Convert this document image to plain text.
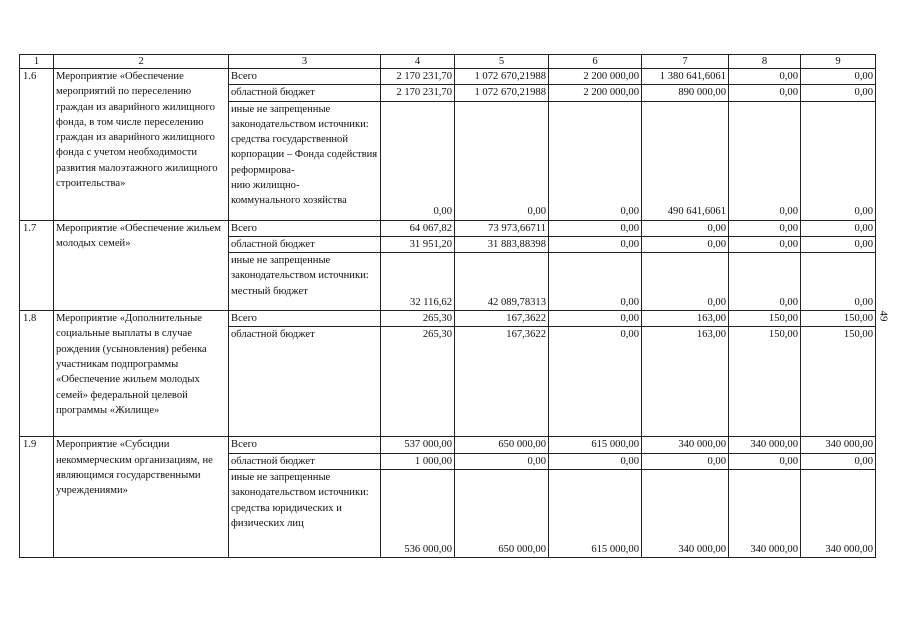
1	2	3	4	5	6	7	8	9
1.6	Мероприятие «Обеспечение мероприятий по переселению граждан из аварийного жилищного фонда, в том числе переселению граждан из аварийного жилищного фонда с учетом необходимости развития малоэтажного жилищного строительства»	Всего	2 170 231,70	1 072 670,21988	2 200 000,00	1 380 641,6061	0,00	0,00
		областной бюджет	2 170 231,70	1 072 670,21988	2 200 000,00	890 000,00	0,00	0,00
		иные не запрещенные законодательством источники:
средства государственной корпорации – Фонда содействия реформирова-
нию жилищно-
коммунального хозяйства	0,00	0,00	0,00	490 641,6061	0,00	0,00
1.7	Мероприятие «Обеспечение жильем молодых семей»	Всего	64 067,82	73 973,66711	0,00	0,00	0,00	0,00
		областной бюджет	31 951,20	31 883,88398	0,00	0,00	0,00	0,00
		иные не запрещенные законодательством источники:
местный бюджет	32 116,62	42 089,78313	0,00	0,00	0,00	0,00
1.8	Мероприятие «Дополнительные социальные выплаты в случае рождения (усыновления) ребенка участникам подпрограммы «Обеспечение жильем молодых семей» федеральной целевой программы «Жилище»	Всего	265,30	167,3622	0,00	163,00	150,00	150,00
		областной бюджет	265,30	167,3622	0,00	163,00	150,00	150,00
1.9	Мероприятие «Субсидии некоммерческим организациям, не являющимся государственными учреждениями»	Всего	537 000,00	650 000,00	615 000,00	340 000,00	340 000,00	340 000,00
		областной бюджет	1 000,00	0,00	0,00	0,00	0,00	0,00
		иные не запрещенные законодательством источники:
средства юридических и физических лиц	536 000,00	650 000,00	615 000,00	340 000,00	340 000,00	340 000,00
49
